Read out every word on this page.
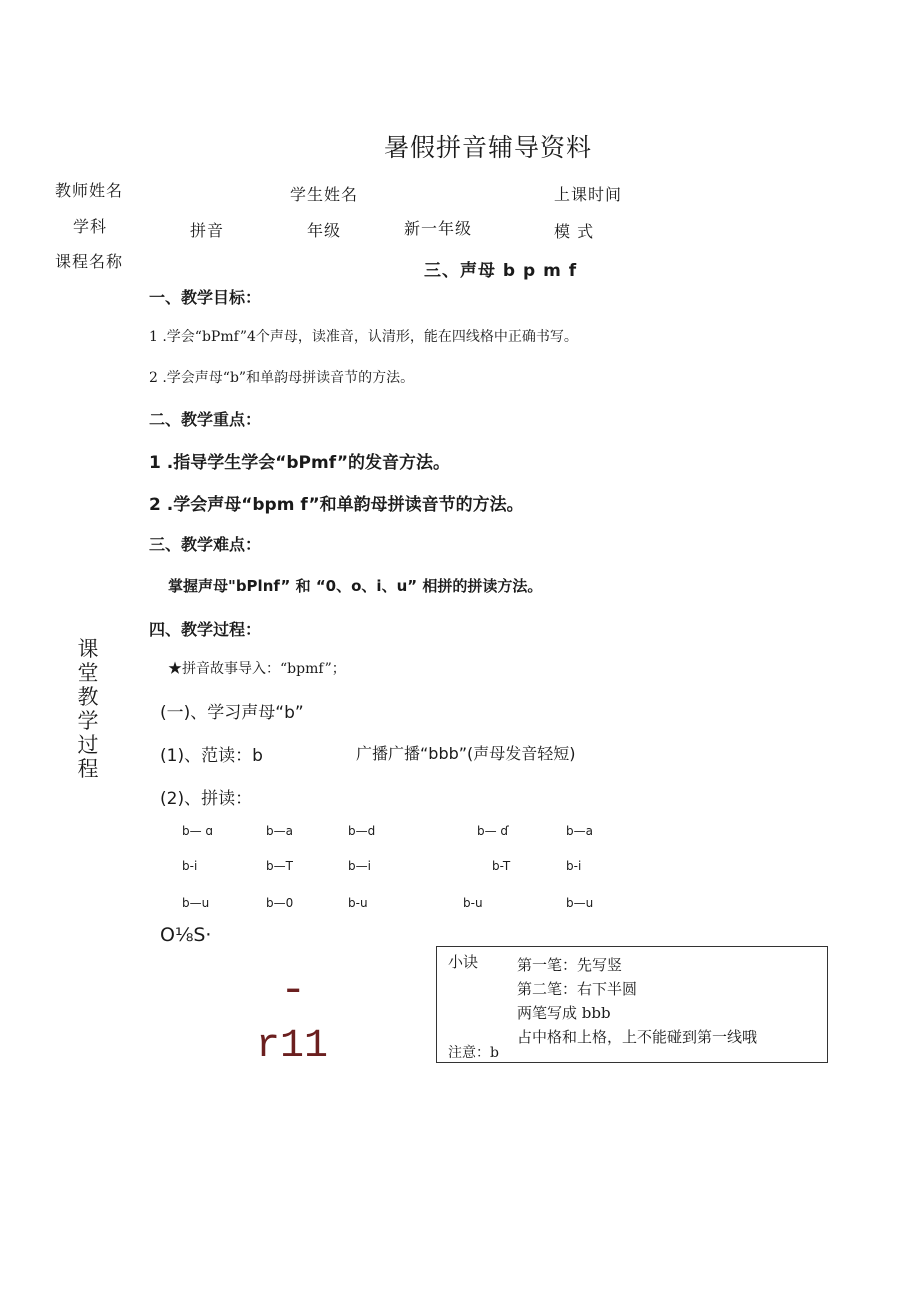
暑假拼音辅导资料
教师姓名	学生姓名	上课时间
学科	拼音	年级	新一年级	模 式
课程名称	三、声母 b p m f
一、教学目标：
1 .学会“bPmf”4个声母，读准音，认清形，能在四线格中正确书写。
2 .学会声母“b”和单韵母拼读音节的方法。
二、教学重点：
1 .指导学生学会“bPmf”的发音方法。
2 .学会声母“bpm f”和单韵母拼读音节的方法。
三、教学难点：
掌握声母"bPlnf” 和 “0、o、i、u” 相拼的拼读方法。
四、教学过程：
课堂教学过程
★拼音故事导入：“bpmf”；
(一)、学习声母“b”
(1)、范读：b	广播广播“bbb”(声母发音轻短)
(2)、拼读：
b— ɑ	b—a	b—d	b— ɗ	b—a
b-i	b—T	b—i	b-T	b-i
b—u	b—0	b-u	b-u	b—u
O⅛S·
-
r11
小诀	第一笔：先写竖
第二笔：右下半圆
两笔写成 bbb
占中格和上格，上不能碰到第一线哦
注意：b
